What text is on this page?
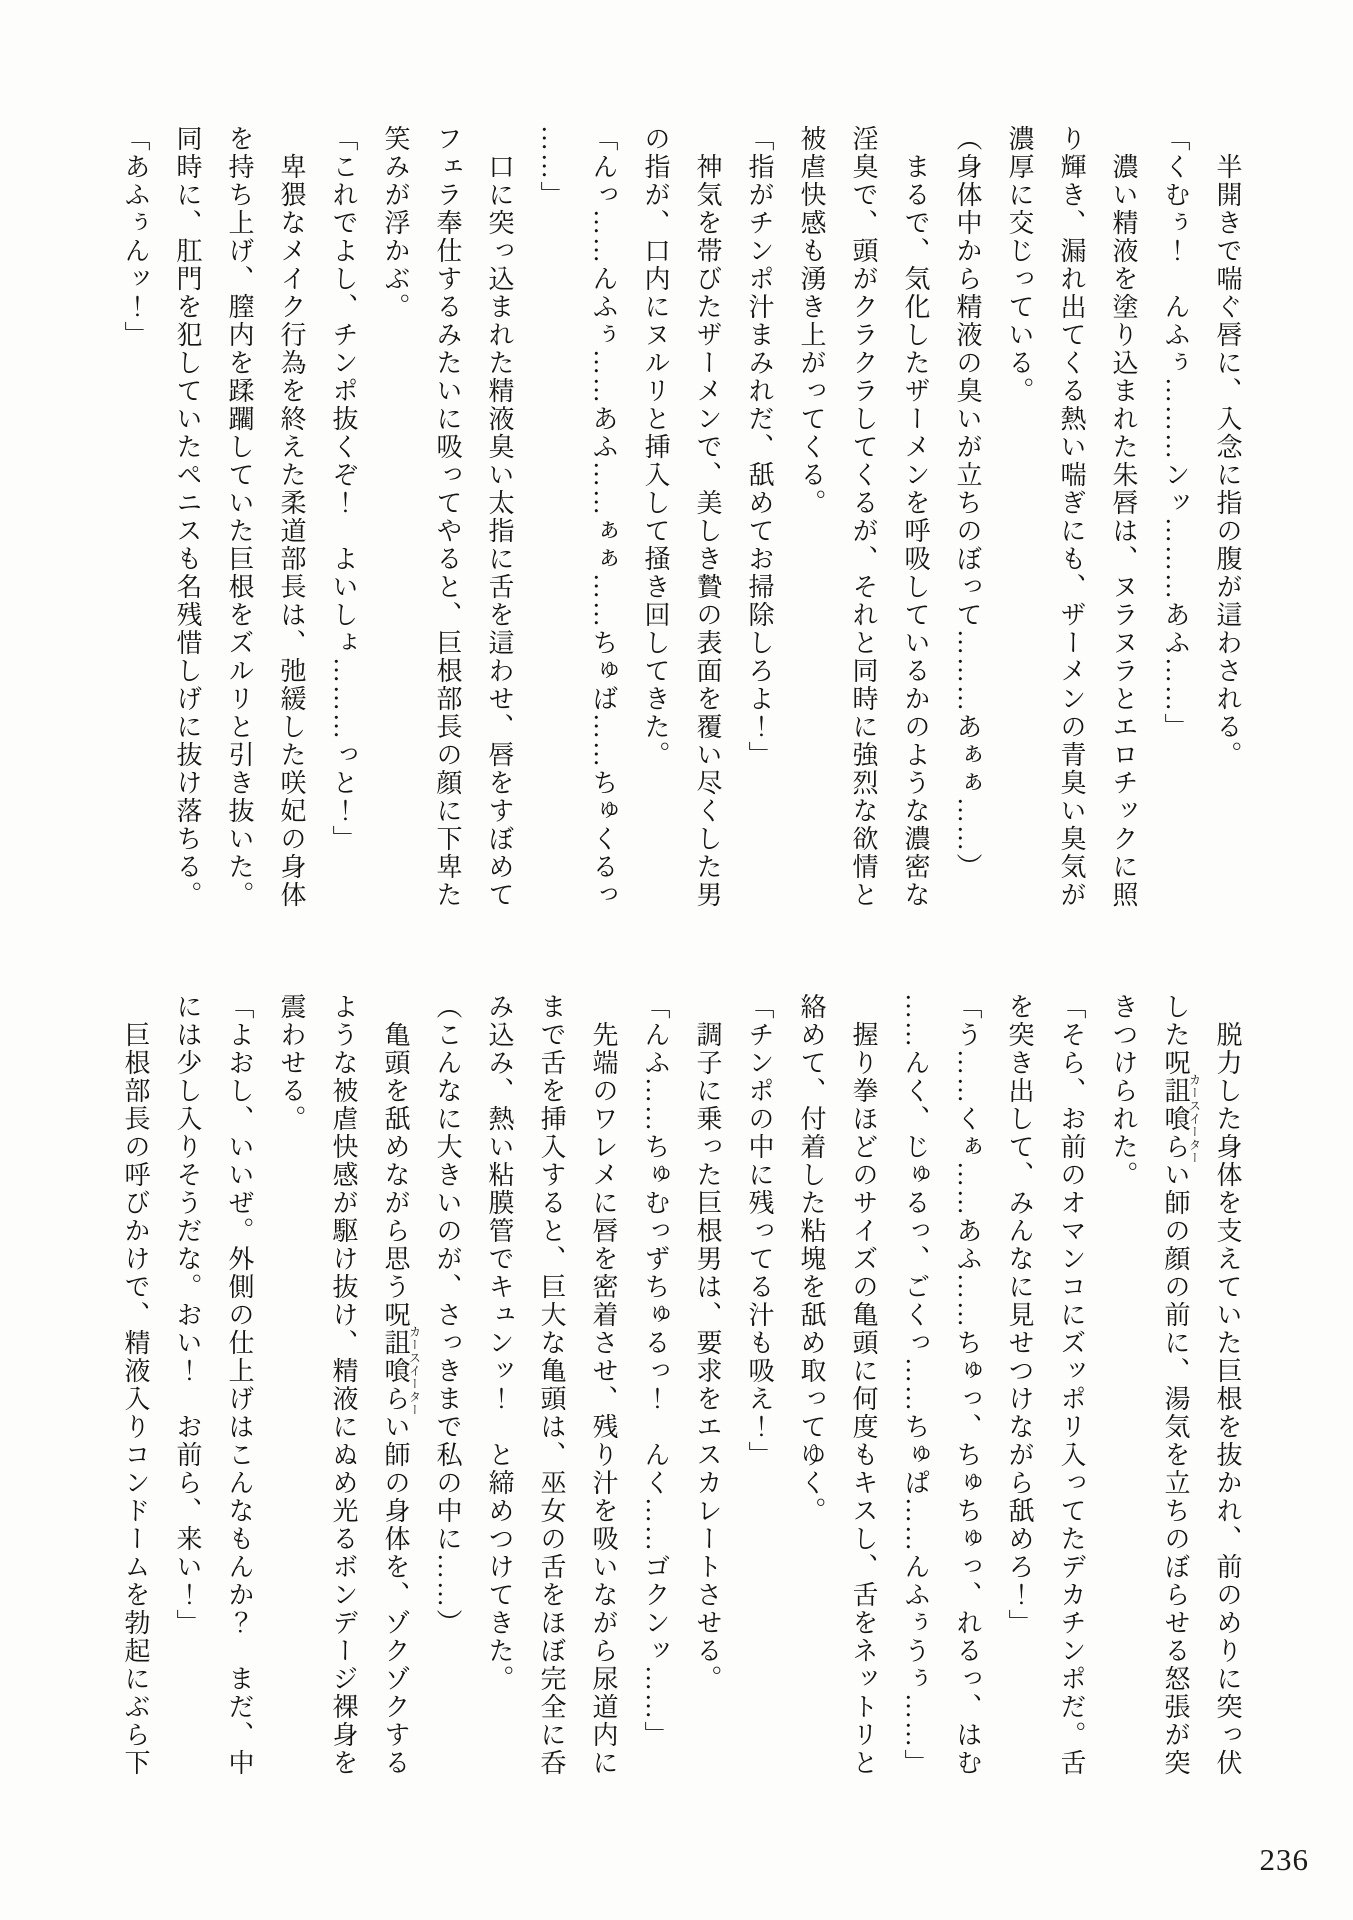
　半開きで喘ぐ唇に、入念に指の腹が這わされる。
「くむぅ！　んふぅ………ンッ………あふ……」
　濃い精液を塗り込まれた朱唇は、ヌラヌラとエロチックに照
り輝き、漏れ出てくる熱い喘ぎにも、ザーメンの青臭い臭気が
濃厚に交じっている。
（身体中から精液の臭いが立ちのぼって………あぁぁ……）
　まるで、気化したザーメンを呼吸しているかのような濃密な
淫臭で、頭がクラクラしてくるが、それと同時に強烈な欲情と
被虐快感も湧き上がってくる。
「指がチンポ汁まみれだ、舐めてお掃除しろよ！」
　神気を帯びたザーメンで、美しき贄の表面を覆い尽くした男
の指が、口内にヌルリと挿入して掻き回してきた。
「んっ……んふぅ……あふ……ぁぁ……ちゅば……ちゅくるっ
……」
　口に突っ込まれた精液臭い太指に舌を這わせ、唇をすぼめて
フェラ奉仕するみたいに吸ってやると、巨根部長の顔に下卑た
笑みが浮かぶ。
「これでよし、チンポ抜くぞ！　よいしょ………っと！」
　卑猥なメイク行為を終えた柔道部長は、弛緩した咲妃の身体
を持ち上げ、膣内を蹂躙していた巨根をズルリと引き抜いた。
同時に、肛門を犯していたペニスも名残惜しげに抜け落ちる。
「あふぅんッ！」
　脱力した身体を支えていた巨根を抜かれ、前のめりに突っ伏
した呪詛喰らいカースイーター師の顔の前に、湯気を立ちのぼらせる怒張が突
きつけられた。
「そら、お前のオマンコにズッポリ入ってたデカチンポだ。舌
を突き出して、みんなに見せつけながら舐めろ！」
「う……くぁ……あふ……ちゅっ、ちゅちゅっ、れるっ、はむ
……んく、じゅるっ、ごくっ……ちゅぱ……んふぅうぅ……」
　握り拳ほどのサイズの亀頭に何度もキスし、舌をネットリと
絡めて、付着した粘塊を舐め取ってゆく。
「チンポの中に残ってる汁も吸え！」
　調子に乗った巨根男は、要求をエスカレートさせる。
「んふ……ちゅむっずちゅるっ！　んく……ゴクンッ……」
　先端のワレメに唇を密着させ、残り汁を吸いながら尿道内に
まで舌を挿入すると、巨大な亀頭は、巫女の舌をほぼ完全に呑
み込み、熱い粘膜管でキュンッ！　と締めつけてきた。
（こんなに大きいのが、さっきまで私の中に……）
　亀頭を舐めながら思う呪詛喰らいカースイーター師の身体を、ゾクゾクする
ような被虐快感が駆け抜け、精液にぬめ光るボンデージ裸身を
震わせる。
「よおし、いいぜ。外側の仕上げはこんなもんか？　まだ、中
には少し入りそうだな。おい！　お前ら、来い！」
　巨根部長の呼びかけで、精液入りコンドームを勃起にぶら下
236
